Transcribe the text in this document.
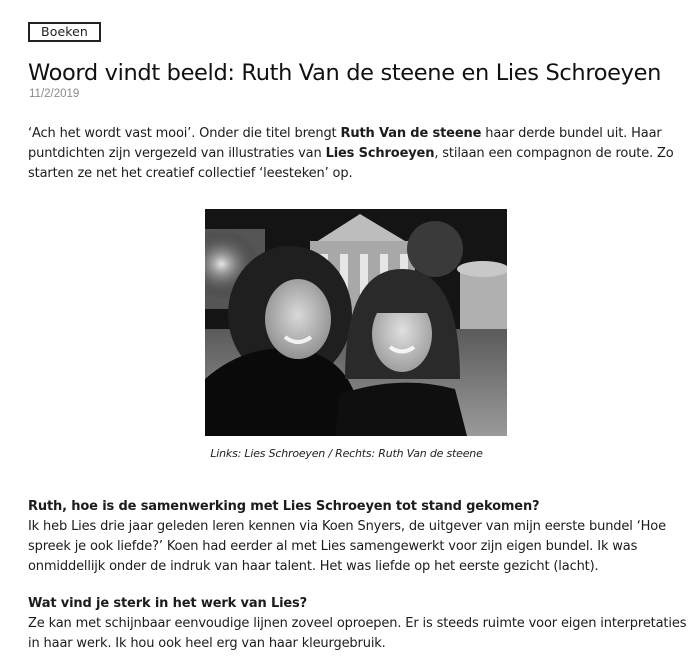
Boeken
Woord vindt beeld: Ruth Van de steene en Lies Schroeyen
11/2/2019

‘Ach het wordt vast mooi’. Onder die titel brengt Ruth Van de steene haar derde bundel uit. Haar puntdichten zijn vergezeld van illustraties van Lies Schroeyen, stilaan een compagnon de route. Zo starten ze net het creatief collectief ‘leesteken’ op.

Links: Lies Schroeyen / Rechts: Ruth Van de steene
Ruth, hoe is de samenwerking met Lies Schroeyen tot stand gekomen?
Ik heb Lies drie jaar geleden leren kennen via Koen Snyers, de uitgever van mijn eerste bundel ‘Hoe spreek je ook liefde?’ Koen had eerder al met Lies samengewerkt voor zijn eigen bundel. Ik was onmiddellijk onder de indruk van haar talent. Het was liefde op het eerste gezicht (lacht).
Wat vind je sterk in het werk van Lies?
Ze kan met schijnbaar eenvoudige lijnen zoveel oproepen. Er is steeds ruimte voor eigen interpretaties in haar werk. Ik hou ook heel erg van haar kleurgebruik.
